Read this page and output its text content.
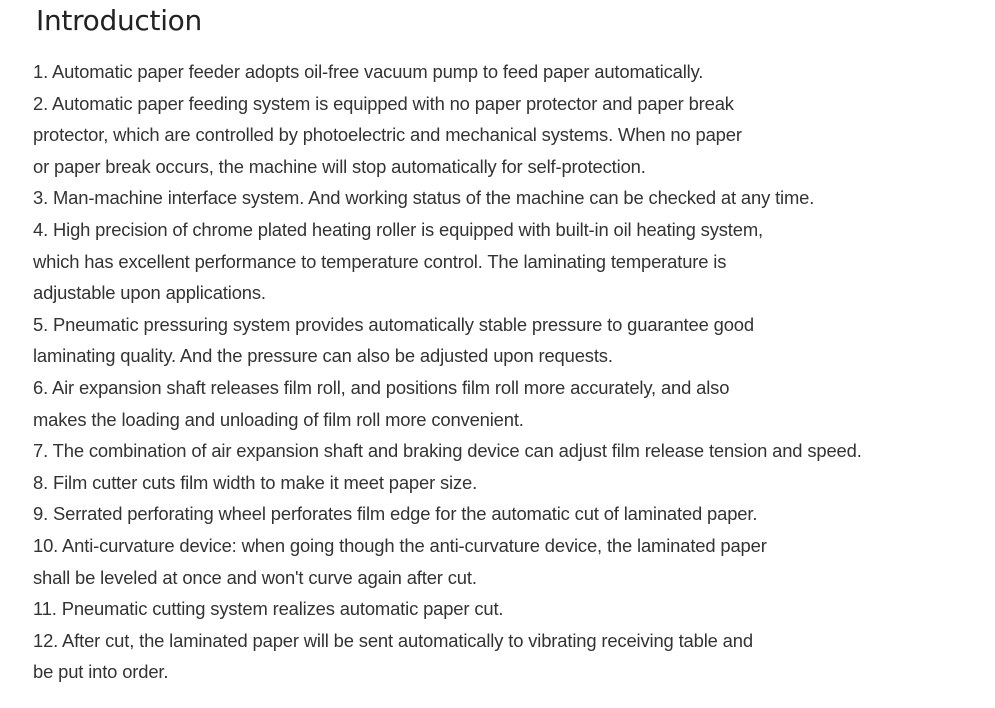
Introduction
1. Automatic paper feeder adopts oil-free vacuum pump to feed paper automatically.
2. Automatic paper feeding system is equipped with no paper protector and paper break
protector, which are controlled by photoelectric and mechanical systems. When no paper
or paper break occurs, the machine will stop automatically for self-protection.
3. Man-machine interface system. And working status of the machine can be checked at any time.
4. High precision of chrome plated heating roller is equipped with built-in oil heating system,
which has excellent performance to temperature control. The laminating temperature is
adjustable upon applications.
5. Pneumatic pressuring system provides automatically stable pressure to guarantee good
laminating quality. And the pressure can also be adjusted upon requests.
6. Air expansion shaft releases film roll, and positions film roll more accurately, and also
makes the loading and unloading of film roll more convenient.
7. The combination of air expansion shaft and braking device can adjust film release tension and speed.
8. Film cutter cuts film width to make it meet paper size.
9. Serrated perforating wheel perforates film edge for the automatic cut of laminated paper.
10. Anti-curvature device: when going though the anti-curvature device, the laminated paper
shall be leveled at once and won't curve again after cut.
11. Pneumatic cutting system realizes automatic paper cut.
12. After cut, the laminated paper will be sent automatically to vibrating receiving table and
be put into order.
